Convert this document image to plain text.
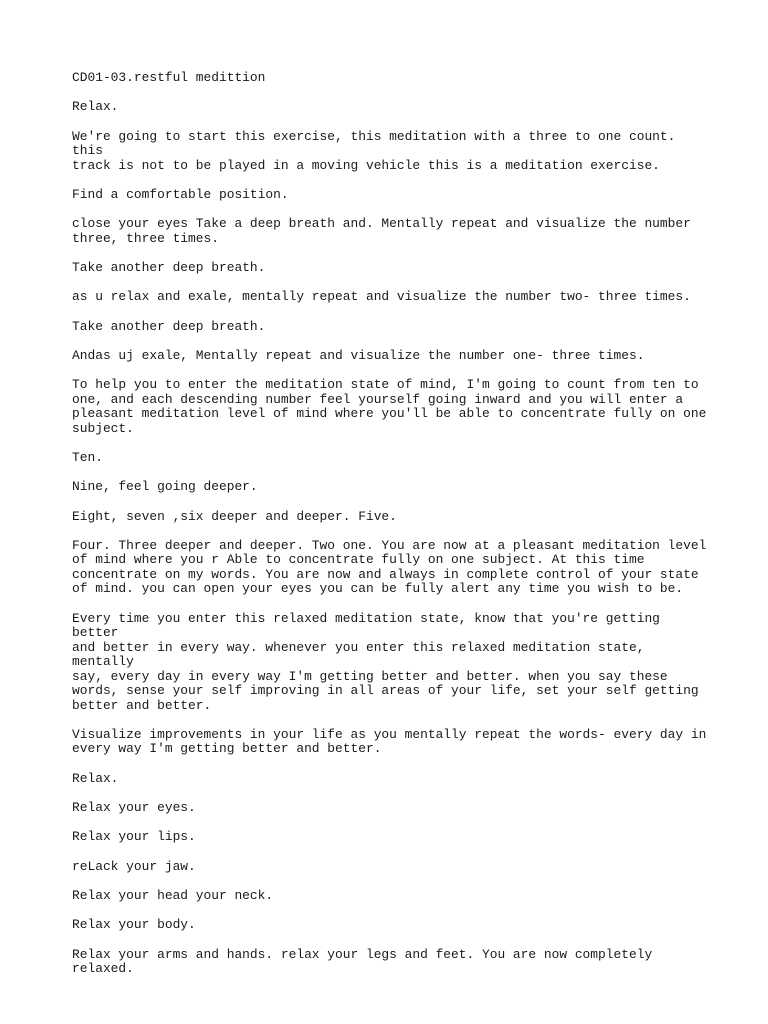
CD01-03.restful medittion

Relax.

We're going to start this exercise, this meditation with a three to one count. this
track is not to be played in a moving vehicle this is a meditation exercise.

Find a comfortable position.

close your eyes Take a deep breath and. Mentally repeat and visualize the number
three, three times.

Take another deep breath.

as u relax and exale, mentally repeat and visualize the number two- three times.

Take another deep breath.

Andas uj exale, Mentally repeat and visualize the number one- three times.

To help you to enter the meditation state of mind, I'm going to count from ten to
one, and each descending number feel yourself going inward and you will enter a
pleasant meditation level of mind where you'll be able to concentrate fully on one
subject.

Ten.

Nine, feel going deeper.

Eight, seven ,six deeper and deeper. Five.

Four. Three deeper and deeper. Two one. You are now at a pleasant meditation level
of mind where you r Able to concentrate fully on one subject. At this time
concentrate on my words. You are now and always in complete control of your state
of mind. you can open your eyes you can be fully alert any time you wish to be.

Every time you enter this relaxed meditation state, know that you're getting better
and better in every way. whenever you enter this relaxed meditation state, mentally
say, every day in every way I'm getting better and better. when you say these
words, sense your self improving in all areas of your life, set your self getting
better and better.

Visualize improvements in your life as you mentally repeat the words- every day in
every way I'm getting better and better.

Relax.

Relax your eyes.

Relax your lips.

reLack your jaw.

Relax your head your neck.

Relax your body.

Relax your arms and hands. relax your legs and feet. You are now completely
relaxed.
